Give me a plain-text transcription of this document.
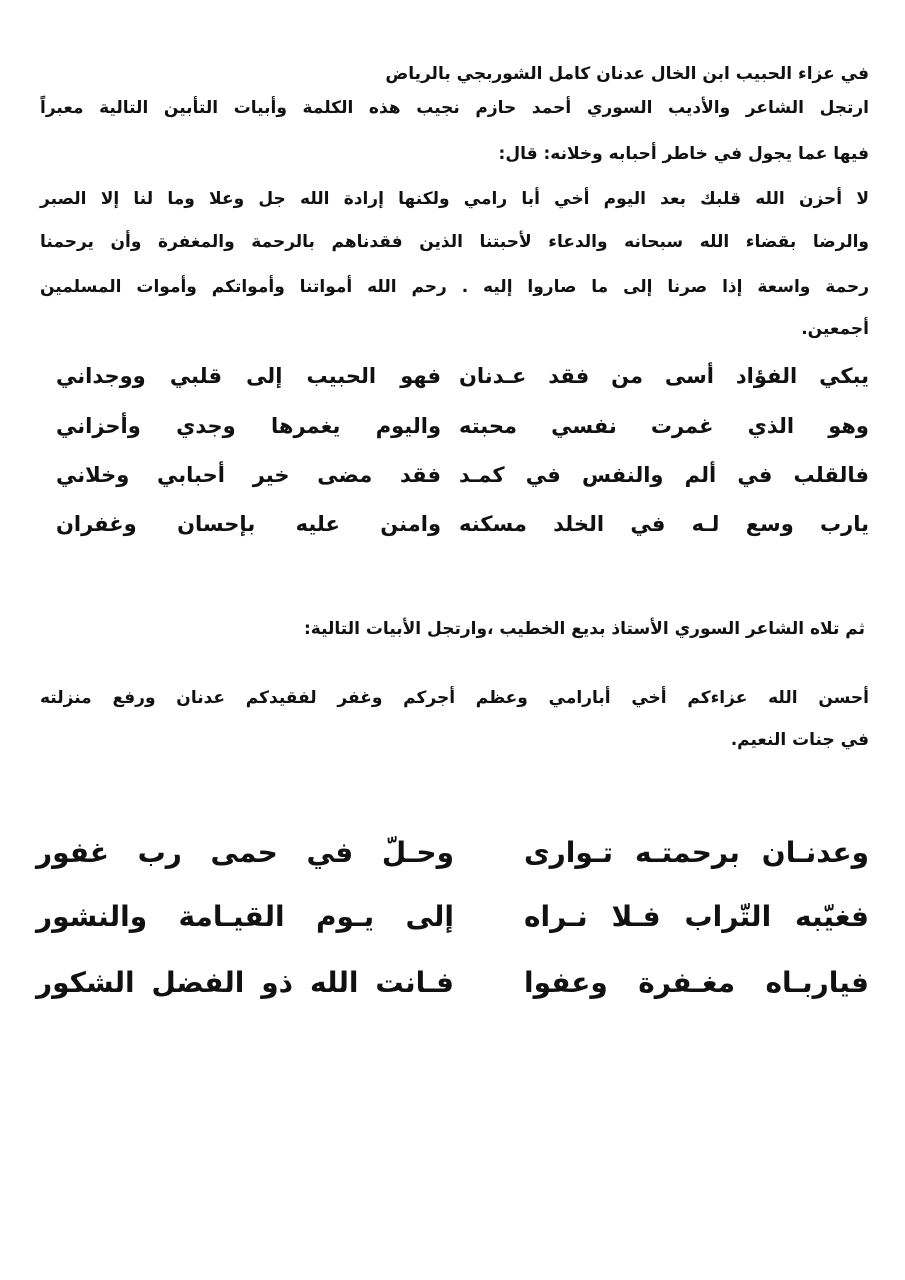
في عزاء الحبيب ابن الخال عدنان كامل الشوربجي بالرياض
ارتجل الشاعر والأديب السوري أحمد حازم نجيب هذه الكلمة وأبيات التأبين التالية معبراً
فيها عما يجول في خاطر أحبابه وخلانه: قال:
لا أحزن الله قلبك بعد اليوم أخي أبا رامي ولكنها إرادة الله جل وعلا وما لنا إلا الصبر
والرضا بقضاء الله سبحانه والدعاء لأحبتنا الذين فقدناهم بالرحمة والمغفرة وأن يرحمنا
رحمة واسعة إذا صرنا إلى ما صاروا إليه . رحم الله أمواتنا وأمواتكم وأموات المسلمين
أجمعين.
يبكي الفؤاد أسى من فقد عـدنان
فهو الحبيب إلى قلبي ووجداني
وهو الذي غمرت نفسي محبته
واليوم يغمرها وجدي وأحزاني
فالقلب في ألم والنفس في كمـد
فقد مضى خير أحبابي وخلاني
يارب وسع لـه في الخلد مسكنه
وامنن عليه بإحسان وغفران
ثم تلاه الشاعر السوري الأستاذ بديع الخطيب ،وارتجل الأبيات التالية:
أحسن الله عزاءكم أخي أبارامي وعظم أجركم وغفر لفقيدكم عدنان ورفع منزلته
في جنات النعيم.
وعدنـان برحمتـه تـوارى
وحـلّ في حمى رب غفور
فغيّبه التّراب فـلا نـراه
إلى يـوم القيـامة والنشور
فياربـاه مغـفرة وعفوا
فـانت الله ذو الفضل الشكور
